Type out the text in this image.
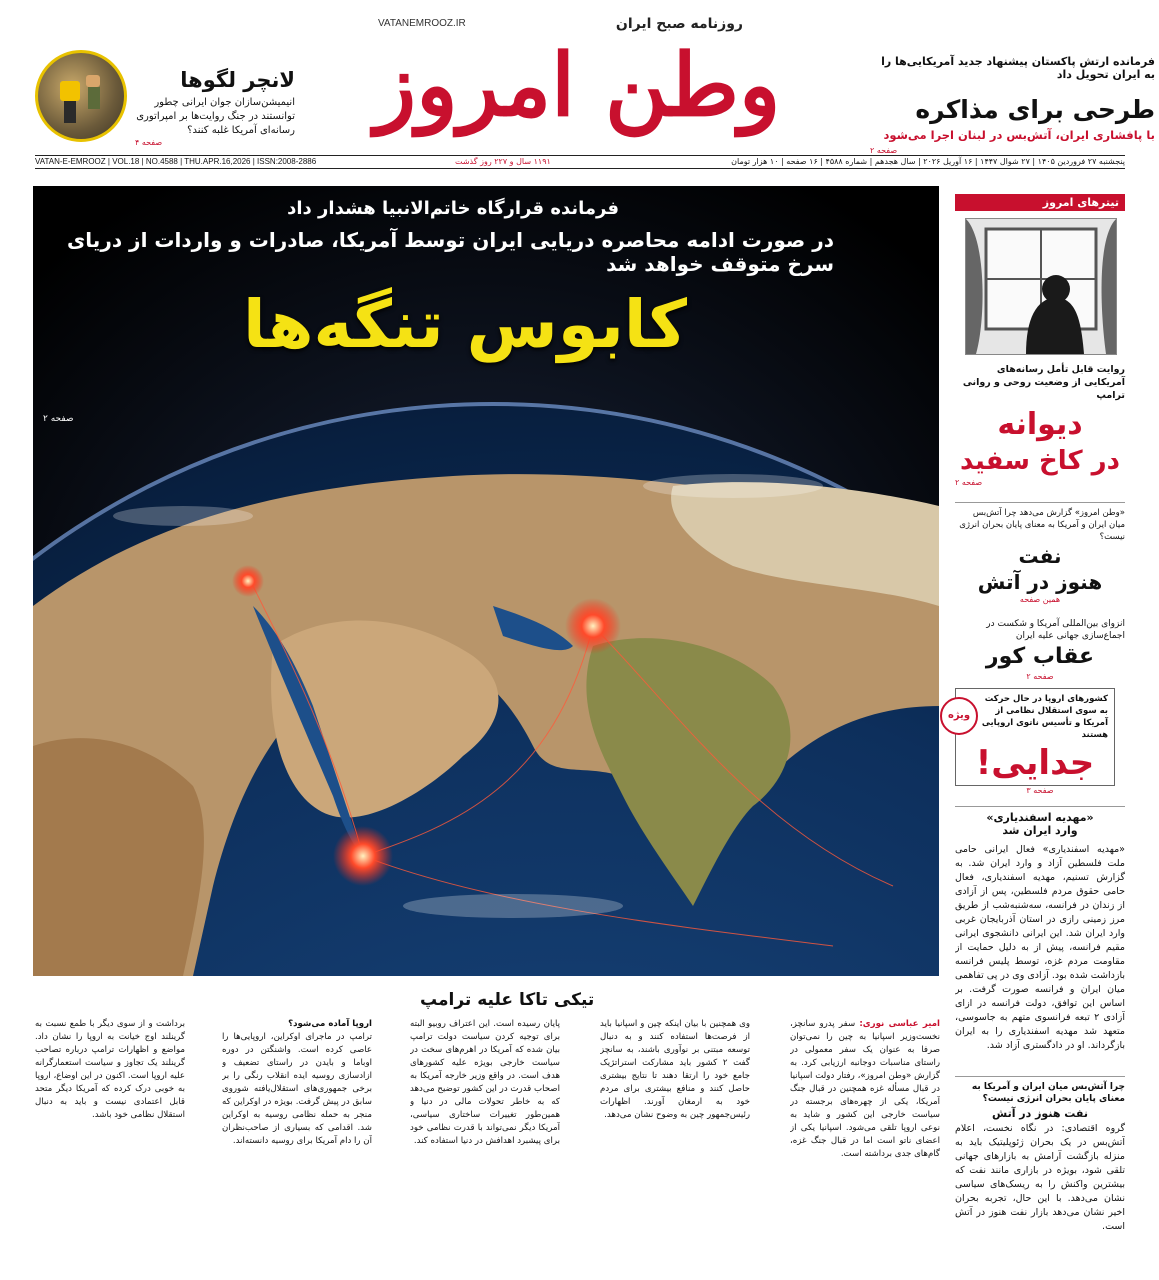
وطن امروز
روزنامه صبح ایران
VATANEMROOZ.IR
فرمانده ارتش پاکستان پیشنهاد جدید آمریکایی‌ها را به ایران تحویل داد
طرحی برای مذاکره
با پافشاری ایران، آتش‌بس در لبنان اجرا می‌شود
صفحه ۲
لانچر لگوها
انیمیشن‌سازان جوان ایرانی چطور توانستند در جنگ روایت‌ها بر امپراتوری رسانه‌ای آمریکا غلبه کنند؟
صفحه ۴
VATAN-E-EMROOZ | VOL.18 | NO.4588 | THU.APR.16,2026 | ISSN:2008-2886	۱۱۹۱ سال و ۲۲۷ روز گذشت	پنجشنبه ۲۷ فروردین ۱۴۰۵ | ۲۷ شوال ۱۴۴۷ | ۱۶ آوریل ۲۰۲۶ | سال هجدهم | شماره ۴۵۸۸ | ۱۶ صفحه | ۱۰ هزار تومان
فرمانده قرارگاه خاتم‌الانبیا هشدار داد
در صورت ادامه محاصره دریایی ایران توسط آمریکا، صادرات و واردات از دریای سرخ متوقف خواهد شد
کابوس تنگه‌ها
صفحه ۲
تیترهای امروز
روایت قابل تأمل رسانه‌های آمریکایی از وضعیت روحی و روانی ترامپ
دیوانه
در کاخ سفید
صفحه ۲
«وطن امروز» گزارش می‌دهد چرا آتش‌بس میان ایران و آمریکا به معنای پایان بحران انرژی نیست؟
نفت
هنوز در آتش
همین صفحه
انزوای بین‌المللی آمریکا و شکست در اجماع‌سازی جهانی علیه ایران
عقاب کور
صفحه ۲
ویژه
کشورهای اروپا در حال حرکت به سوی استقلال نظامی از آمریکا و تأسیس ناتوی اروپایی هستند
جدایی!
صفحه ۳
«مهدیه اسفندیاری»
وارد ایران شد
«مهدیه اسفندیاری» فعال ایرانی حامی ملت فلسطین آزاد و وارد ایران شد. به گزارش تسنیم، مهدیه اسفندیاری، فعال حامی حقوق مردم فلسطین، پس از آزادی از زندان در فرانسه، سه‌شنبه‌شب از طریق مرز زمینی رازی در استان آذربایجان غربی وارد ایران شد. این ایرانی دانشجوی ایرانی مقیم فرانسه، پیش از به دلیل حمایت از مقاومت مردم غزه، توسط پلیس فرانسه بازداشت شده بود. آزادی وی در پی تفاهمی میان ایران و فرانسه صورت گرفت. بر اساس این توافق، دولت فرانسه در ازای آزادی ۲ تبعه فرانسوی متهم به جاسوسی، متعهد شد مهدیه اسفندیاری را به ایران بازگرداند. او در دادگستری آزاد شد.
چرا آتش‌بس میان ایران و آمریکا به معنای پایان بحران انرژی نیست؟
نفت هنوز در آتش
گروه اقتصادی: در نگاه نخست، اعلام آتش‌بس در یک بحران ژئوپلیتیک باید به منزله بازگشت آرامش به بازارهای جهانی تلقی شود، بویژه در بازاری مانند نفت که بیشترین واکنش را به ریسک‌های سیاسی نشان می‌دهد. با این حال، تجربه بحران اخیر نشان می‌دهد بازار نفت هنوز در آتش است.
تیکی تاکا علیه ترامپ
امیر عباسی نوری: سفر پدرو سانچز، نخست‌وزیر اسپانیا به چین را نمی‌توان صرفا به عنوان یک سفر معمولی در راستای مناسبات دوجانبه ارزیابی کرد. به گزارش «وطن امروز»، رفتار دولت اسپانیا در قبال مسأله غزه همچنین در قبال جنگ آمریکا، یکی از چهره‌های برجسته در سیاست خارجی این کشور و شاید به نوعی اروپا تلقی می‌شود. اسپانیا یکی از اعضای ناتو است اما در قبال جنگ غزه، گام‌های جدی برداشته است.
وی همچنین با بیان اینکه چین و اسپانیا باید از فرصت‌ها استفاده کنند و به دنبال توسعه مبتنی بر نوآوری باشند، به سانچز گفت ۲ کشور باید مشارکت استراتژیک جامع خود را ارتقا دهند تا نتایج بیشتری حاصل کنند و منافع بیشتری برای مردم خود به ارمغان آورند. اظهارات رئیس‌جمهور چین به وضوح نشان می‌دهد.
پایان رسیده است. این اعتراف روبیو البته برای توجیه کردن سیاست دولت ترامپ بیان شده که آمریکا در اهرم‌های سخت در سیاست خارجی بویژه علیه کشورهای هدف است. در واقع وزیر خارجه آمریکا به اصحاب قدرت در این کشور توضیح می‌دهد که به خاطر تحولات مالی در دنیا و همین‌طور تغییرات ساختاری سیاسی، آمریکا دیگر نمی‌تواند با قدرت نظامی خود برای پیشبرد اهدافش در دنیا استفاده کند.
اروپا آماده می‌شود؟
ترامپ در ماجرای اوکراین، اروپایی‌ها را عاصی کرده است. واشنگتن در دوره اوباما و بایدن در راستای تضعیف و ازادسازی روسیه ایده انقلاب رنگی را بر برخی جمهوری‌های استقلال‌یافته شوروی سابق در پیش گرفت. بویژه در اوکراین که منجر به حمله نظامی روسیه به اوکراین شد. اقدامی که بسیاری از صاحب‌نظران آن را دام آمریکا برای روسیه دانسته‌اند.
برداشت و از سوی دیگر با طمع نسبت به گرینلند اوج خیانت به اروپا را نشان داد. مواضع و اظهارات ترامپ درباره تصاحب گرینلند یک تجاوز و سیاست استعمارگرانه علیه اروپا است. اکنون در این اوضاع، اروپا به خوبی درک کرده که آمریکا دیگر متحد قابل اعتمادی نیست و باید به دنبال استقلال نظامی خود باشد.
